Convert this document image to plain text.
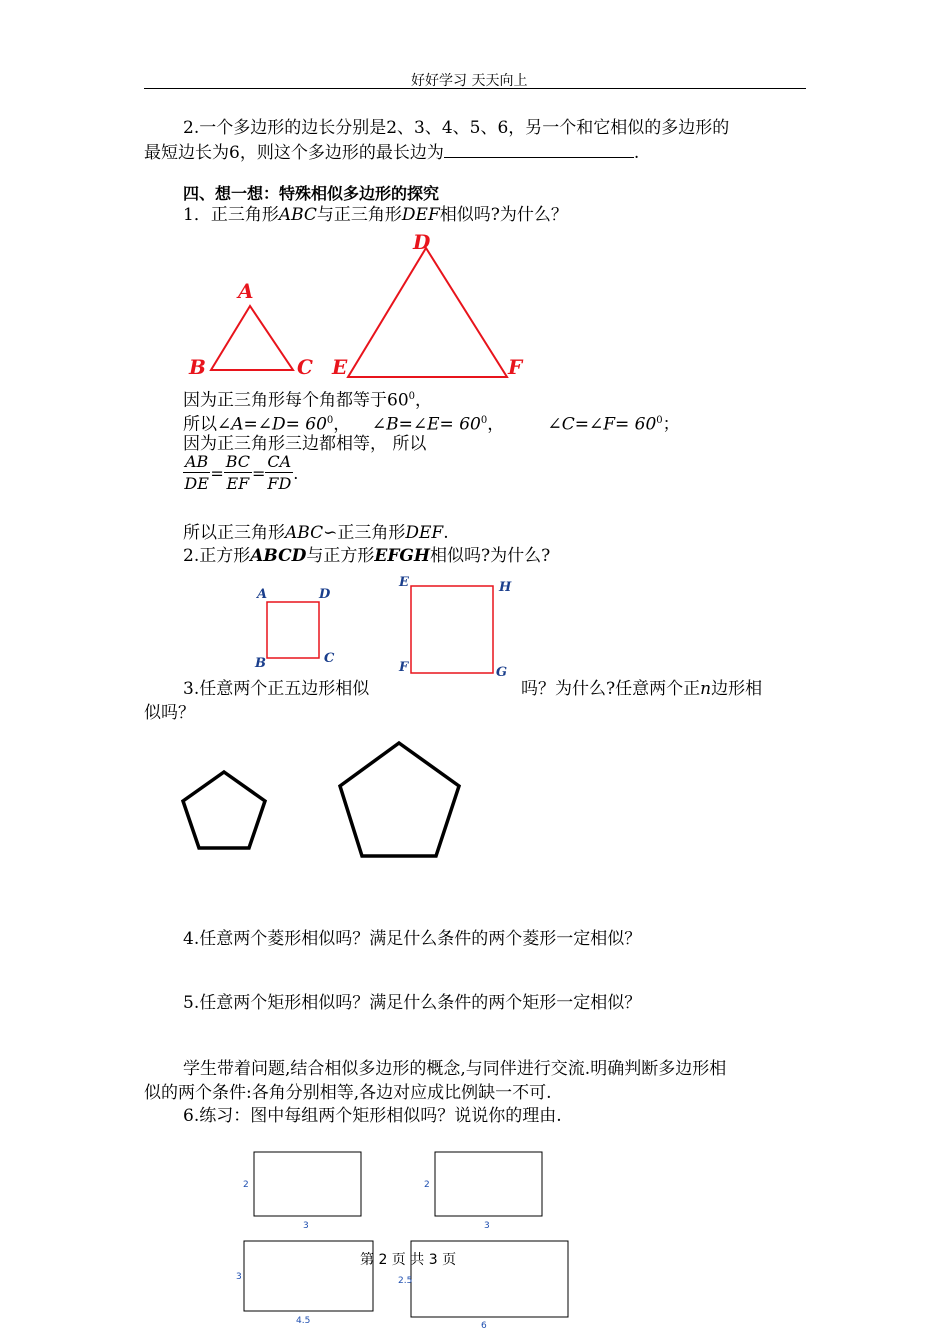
好好学习 天天向上
2.一个多边形的边长分别是2、3、4、5、6，另一个和它相似的多边形的
最短边长为6，则这个多边形的最长边为	.
四、想一想：特殊相似多边形的探究
1．正三角形ABC与正三角形DEF相似吗?为什么？
A
B	C
D
E	F
因为正三角形每个角都等于$60^0$，
所以∠A=∠D= $60^0$， ∠B=∠E= $60^0$，	∠C=∠F= $60^0$；
因为正三角形三边都相等， 所以
$\frac{AB}{DE} = \frac{BC}{EF} = \frac{CA}{FD}$ .
所以正三角形ABC∽正三角形DEF.
2.正方形ABCD与正方形EFGH相似吗?为什么?
A	D
B	C
E	H
F	G
3.任意两个正五边形相似	吗？为什么?任意两个正n边形相
似吗？
4.任意两个菱形相似吗？满足什么条件的两个菱形一定相似？
5.任意两个矩形相似吗？满足什么条件的两个矩形一定相似？
学生带着问题,结合相似多边形的概念,与同伴进行交流.明确判断多边形相
似的两个条件:各角分别相等,各边对应成比例缺一不可.
6.练习：图中每组两个矩形相似吗？说说你的理由.
2
3
2
3
3
4.5
2.5
6
第 2 页 共 3 页
